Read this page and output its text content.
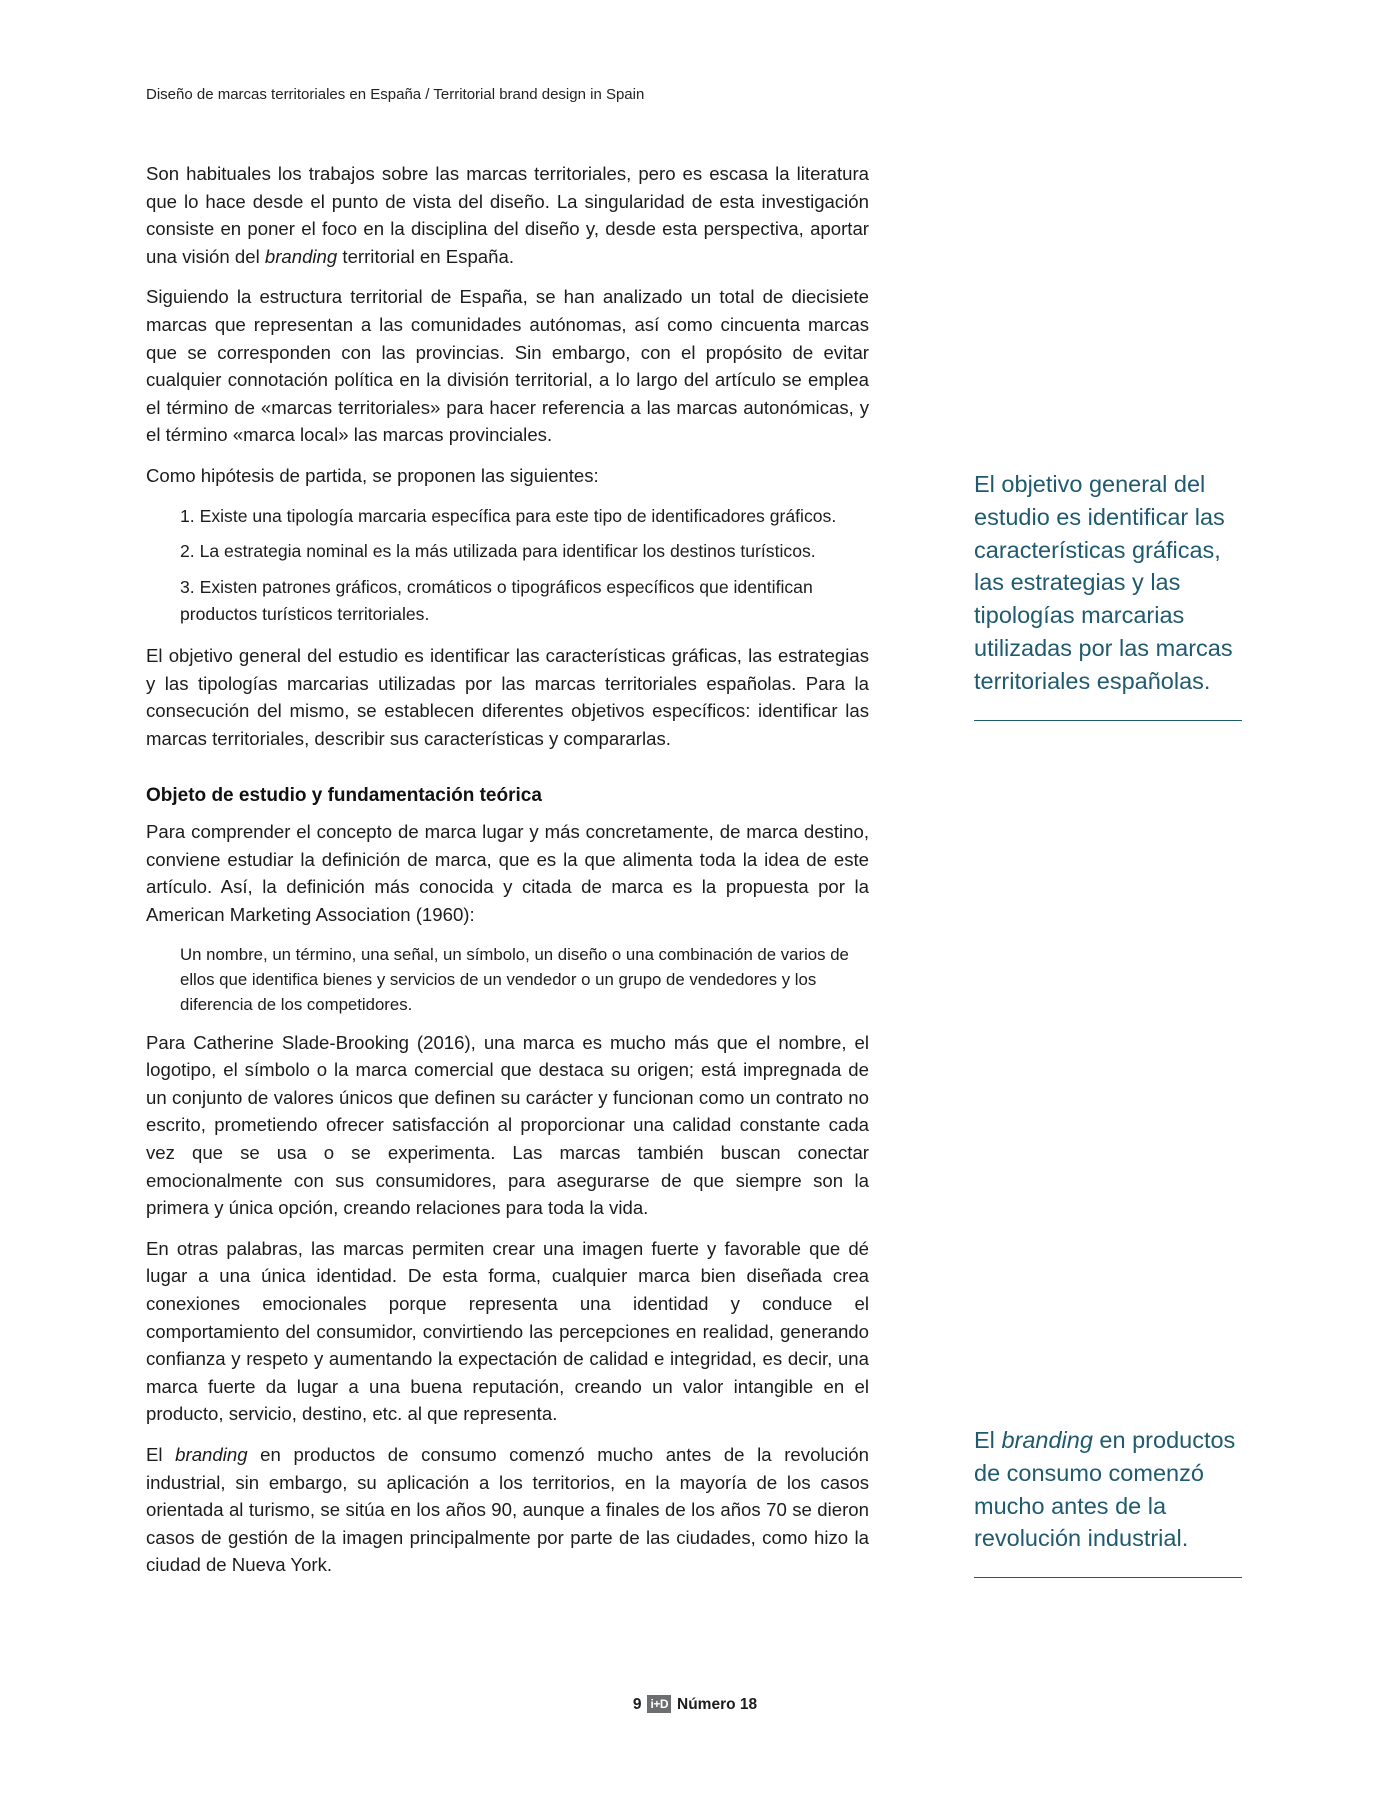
Diseño de marcas territoriales en España / Territorial brand design in Spain

Son habituales los trabajos sobre las marcas territoriales, pero es escasa la literatura que lo hace desde el punto de vista del diseño. La singularidad de esta investigación consiste en poner el foco en la disciplina del diseño y, desde esta perspectiva, aportar una visión del branding territorial en España.

Siguiendo la estructura territorial de España, se han analizado un total de diecisiete marcas que representan a las comunidades autónomas, así como cincuenta marcas que se corresponden con las provincias. Sin embargo, con el propósito de evitar cualquier connotación política en la división territorial, a lo largo del artículo se emplea el término de «marcas territoriales» para hacer referencia a las marcas autonómicas, y el término «marca local» las marcas provinciales.

Como hipótesis de partida, se proponen las siguientes:

1. Existe una tipología marcaria específica para este tipo de identificadores gráficos.
2. La estrategia nominal es la más utilizada para identificar los destinos turísticos.
3. Existen patrones gráficos, cromáticos o tipográficos específicos que identifican productos turísticos territoriales.

El objetivo general del estudio es identificar las características gráficas, las estrategias y las tipologías marcarias utilizadas por las marcas territoriales españolas. Para la consecución del mismo, se establecen diferentes objetivos específicos: identificar las marcas territoriales, describir sus características y compararlas.

Objeto de estudio y fundamentación teórica

Para comprender el concepto de marca lugar y más concretamente, de marca destino, conviene estudiar la definición de marca, que es la que alimenta toda la idea de este artículo. Así, la definición más conocida y citada de marca es la propuesta por la American Marketing Association (1960):

Un nombre, un término, una señal, un símbolo, un diseño o una combinación de varios de ellos que identifica bienes y servicios de un vendedor o un grupo de vendedores y los diferencia de los competidores.

Para Catherine Slade-Brooking (2016), una marca es mucho más que el nombre, el logotipo, el símbolo o la marca comercial que destaca su origen; está impregnada de un conjunto de valores únicos que definen su carácter y funcionan como un contrato no escrito, prometiendo ofrecer satisfacción al proporcionar una calidad constante cada vez que se usa o se experimenta. Las marcas también buscan conectar emocionalmente con sus consumidores, para asegurarse de que siempre son la primera y única opción, creando relaciones para toda la vida.

En otras palabras, las marcas permiten crear una imagen fuerte y favorable que dé lugar a una única identidad. De esta forma, cualquier marca bien diseñada crea conexiones emocionales porque representa una identidad y conduce el comportamiento del consumidor, convirtiendo las percepciones en realidad, generando confianza y respeto y aumentando la expectación de calidad e integridad, es decir, una marca fuerte da lugar a una buena reputación, creando un valor intangible en el producto, servicio, destino, etc. al que representa.

El branding en productos de consumo comenzó mucho antes de la revolución industrial, sin embargo, su aplicación a los territorios, en la mayoría de los casos orientada al turismo, se sitúa en los años 90, aunque a finales de los años 70 se dieron casos de gestión de la imagen principalmente por parte de las ciudades, como hizo la ciudad de Nueva York.

El objetivo general del estudio es identificar las características gráficas, las estrategias y las tipologías marcarias utilizadas por las marcas territoriales españolas.
El branding en productos de consumo comenzó mucho antes de la revolución industrial.
9 i+D Número 18
